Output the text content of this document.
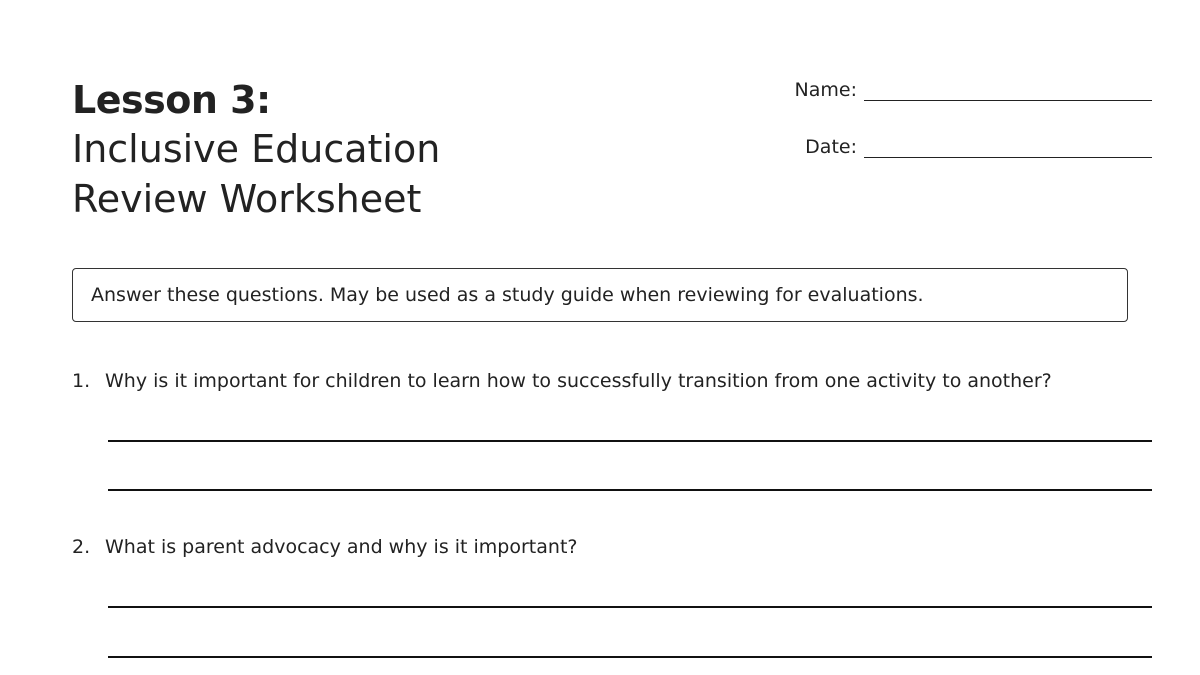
Lesson 3:
Inclusive Education
Review Worksheet
Name:
Date:
Answer these questions. May be used as a study guide when reviewing for evaluations.
1. Why is it important for children to learn how to successfully transition from one activity to another?
2. What is parent advocacy and why is it important?
